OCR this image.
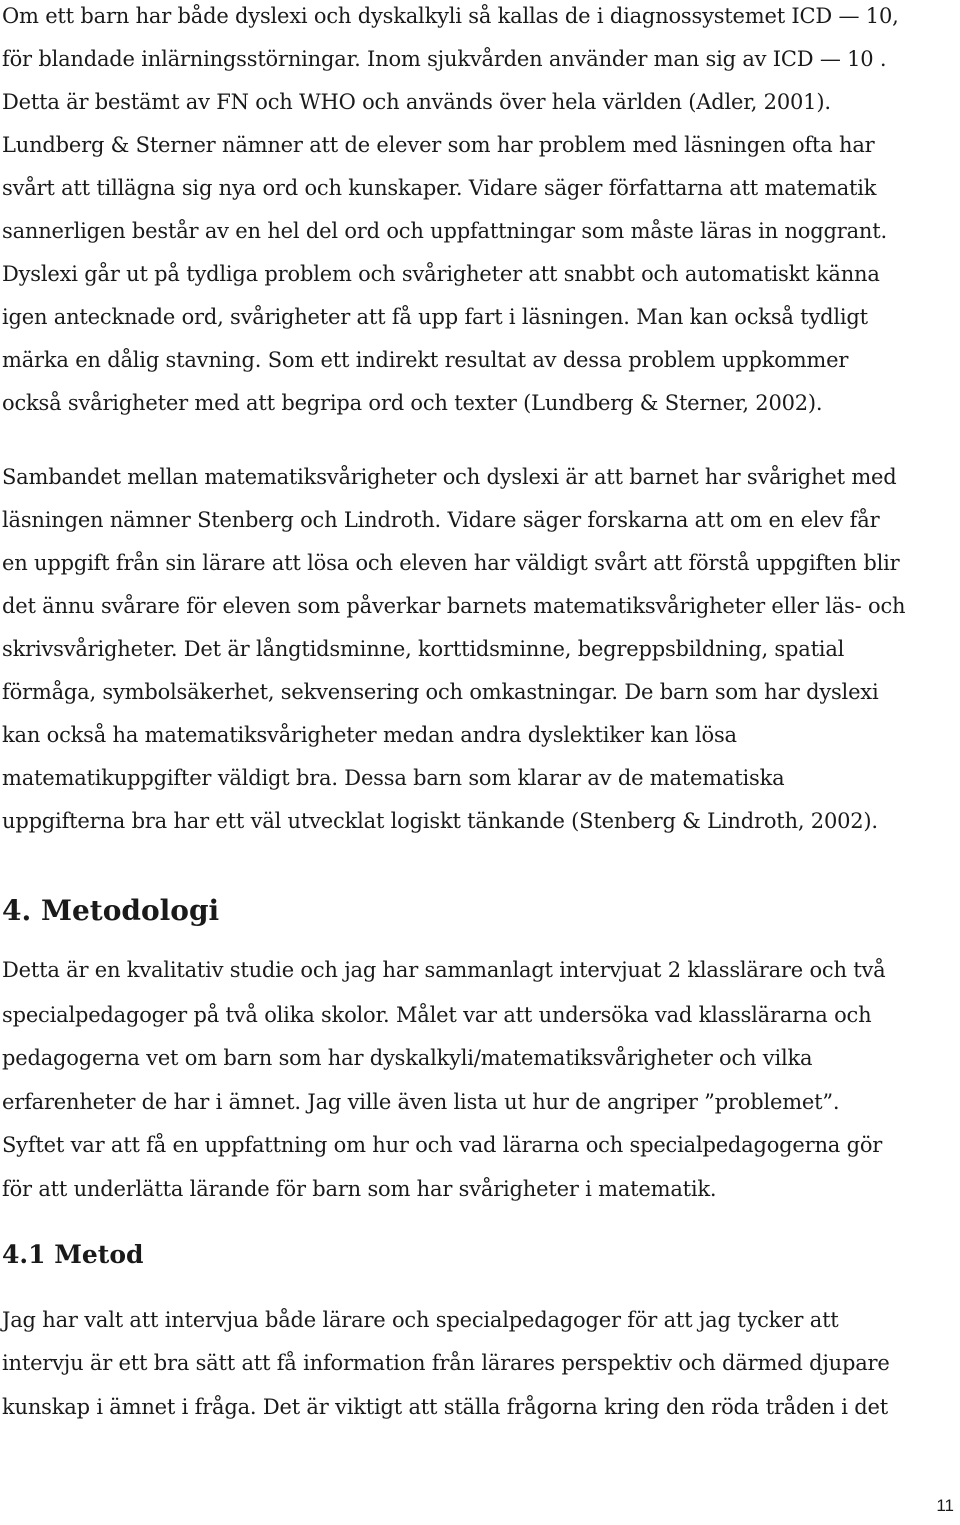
Om ett barn har både dyslexi och dyskalkyli så kallas de i diagnossystemet ICD — 10,
för blandade inlärningsstörningar. Inom sjukvården använder man sig av ICD — 10 .
Detta är bestämt av FN och WHO och används över hela världen (Adler, 2001).
Lundberg & Sterner nämner att de elever som har problem med läsningen ofta har
svårt att tillägna sig nya ord och kunskaper. Vidare säger författarna att matematik
sannerligen består av en hel del ord och uppfattningar som måste läras in noggrant.
Dyslexi går ut på tydliga problem och svårigheter att snabbt och automatiskt känna
igen antecknade ord, svårigheter att få upp fart i läsningen. Man kan också tydligt
märka en dålig stavning. Som ett indirekt resultat av dessa problem uppkommer
också svårigheter med att begripa ord och texter (Lundberg & Sterner, 2002).
Sambandet mellan matematiksvårigheter och dyslexi är att barnet har svårighet med
läsningen nämner Stenberg och Lindroth. Vidare säger forskarna att om en elev får
en uppgift från sin lärare att lösa och eleven har väldigt svårt att förstå uppgiften blir
det ännu svårare för eleven som påverkar barnets matematiksvårigheter eller läs- och
skrivsvårigheter. Det är långtidsminne, korttidsminne, begreppsbildning, spatial
förmåga, symbolsäkerhet, sekvensering och omkastningar. De barn som har dyslexi
kan också ha matematiksvårigheter medan andra dyslektiker kan lösa
matematikuppgifter väldigt bra. Dessa barn som klarar av de matematiska
uppgifterna bra har ett väl utvecklat logiskt tänkande (Stenberg & Lindroth, 2002).
4. Metodologi
Detta är en kvalitativ studie och jag har sammanlagt intervjuat 2 klasslärare och två
specialpedagoger på två olika skolor. Målet var att undersöka vad klasslärarna och
pedagogerna vet om barn som har dyskalkyli/matematiksvårigheter och vilka
erfarenheter de har i ämnet. Jag ville även lista ut hur de angriper ”problemet”.
Syftet var att få en uppfattning om hur och vad lärarna och specialpedagogerna gör
för att underlätta lärande för barn som har svårigheter i matematik.
4.1 Metod
Jag har valt att intervjua både lärare och specialpedagoger för att jag tycker att
intervju är ett bra sätt att få information från lärares perspektiv och därmed djupare
kunskap i ämnet i fråga. Det är viktigt att ställa frågorna kring den röda tråden i det
11
